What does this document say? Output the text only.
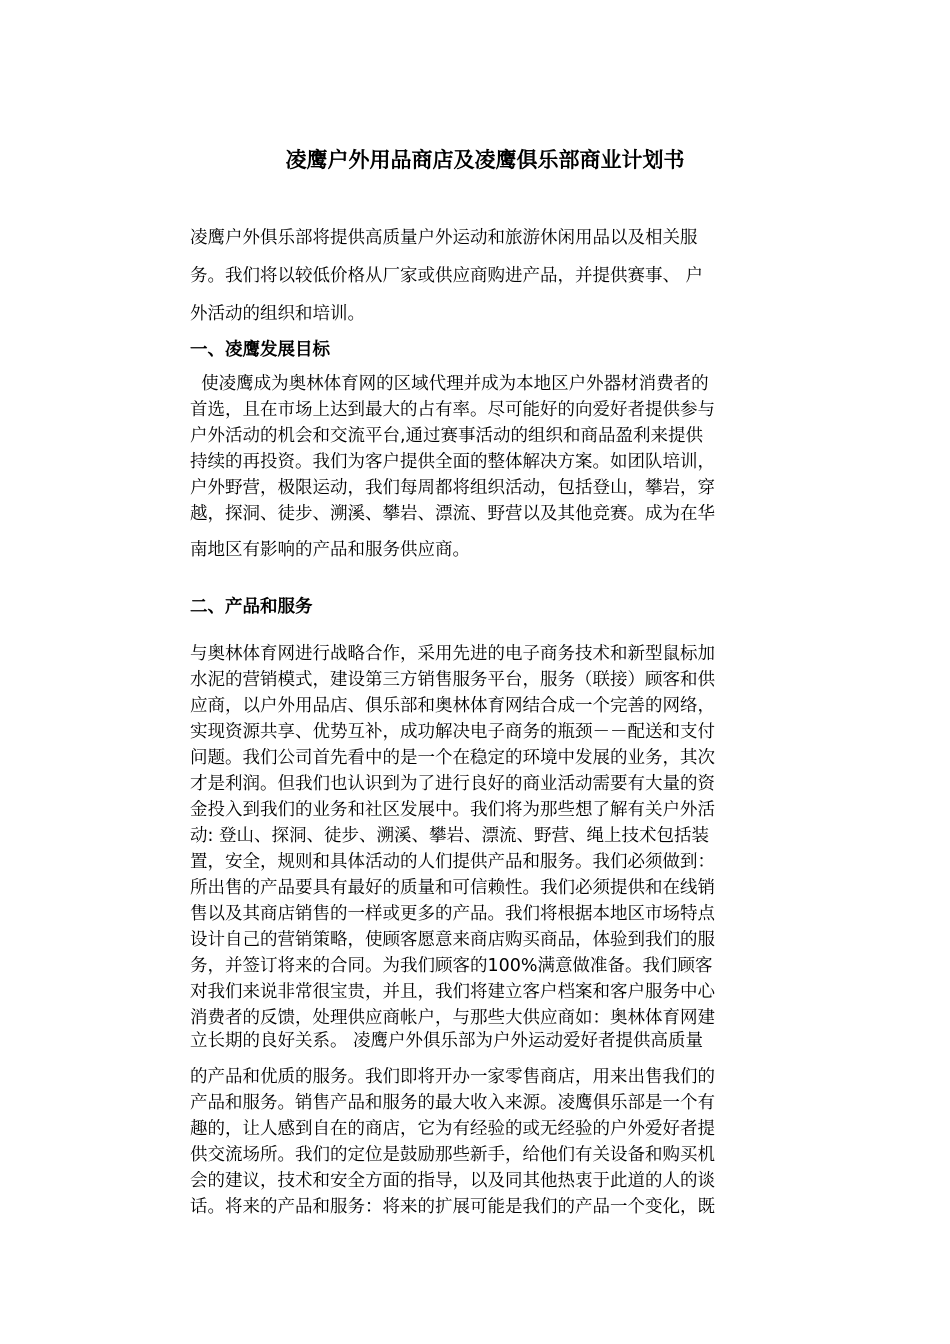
凌鹰户外用品商店及凌鹰俱乐部商业计划书
凌鹰户外俱乐部将提供高质量户外运动和旅游休闲用品以及相关服
务。我们将以较低价格从厂家或供应商购进产品，并提供赛事、 户
外活动的组织和培训。
一、凌鹰发展目标
使凌鹰成为奥林体育网的区域代理并成为本地区户外器材消费者的
首选，且在市场上达到最大的占有率。尽可能好的向爱好者提供参与
户外活动的机会和交流平台,通过赛事活动的组织和商品盈利来提供
持续的再投资。我们为客户提供全面的整体解决方案。如团队培训，
户外野营，极限运动，我们每周都将组织活动，包括登山，攀岩，穿
越，探洞、徒步、溯溪、攀岩、漂流、野营以及其他竞赛。成为在华
南地区有影响的产品和服务供应商。
二、产品和服务
与奥林体育网进行战略合作，采用先进的电子商务技术和新型鼠标加
水泥的营销模式，建设第三方销售服务平台，服务（联接）顾客和供
应商，以户外用品店、俱乐部和奥林体育网结合成一个完善的网络，
实现资源共享、优势互补，成功解决电子商务的瓶颈－－配送和支付
问题。我们公司首先看中的是一个在稳定的环境中发展的业务，其次
才是利润。但我们也认识到为了进行良好的商业活动需要有大量的资
金投入到我们的业务和社区发展中。我们将为那些想了解有关户外活
动: 登山、探洞、徒步、溯溪、攀岩、漂流、野营、绳上技术包括装
置，安全，规则和具体活动的人们提供产品和服务。我们必须做到：
所出售的产品要具有最好的质量和可信赖性。我们必须提供和在线销
售以及其商店销售的一样或更多的产品。我们将根据本地区市场特点
设计自己的营销策略，使顾客愿意来商店购买商品，体验到我们的服
务，并签订将来的合同。为我们顾客的100%满意做准备。我们顾客
对我们来说非常很宝贵，并且，我们将建立客户档案和客户服务中心
消费者的反馈，处理供应商帐户，与那些大供应商如：奥林体育网建
立长期的良好关系。 凌鹰户外俱乐部为户外运动爱好者提供高质量
的产品和优质的服务。我们即将开办一家零售商店，用来出售我们的
产品和服务。销售产品和服务的最大收入来源。凌鹰俱乐部是一个有
趣的，让人感到自在的商店，它为有经验的或无经验的户外爱好者提
供交流场所。我们的定位是鼓励那些新手，给他们有关设备和购买机
会的建议，技术和安全方面的指导，以及同其他热衷于此道的人的谈
话。将来的产品和服务：将来的扩展可能是我们的产品一个变化，既
